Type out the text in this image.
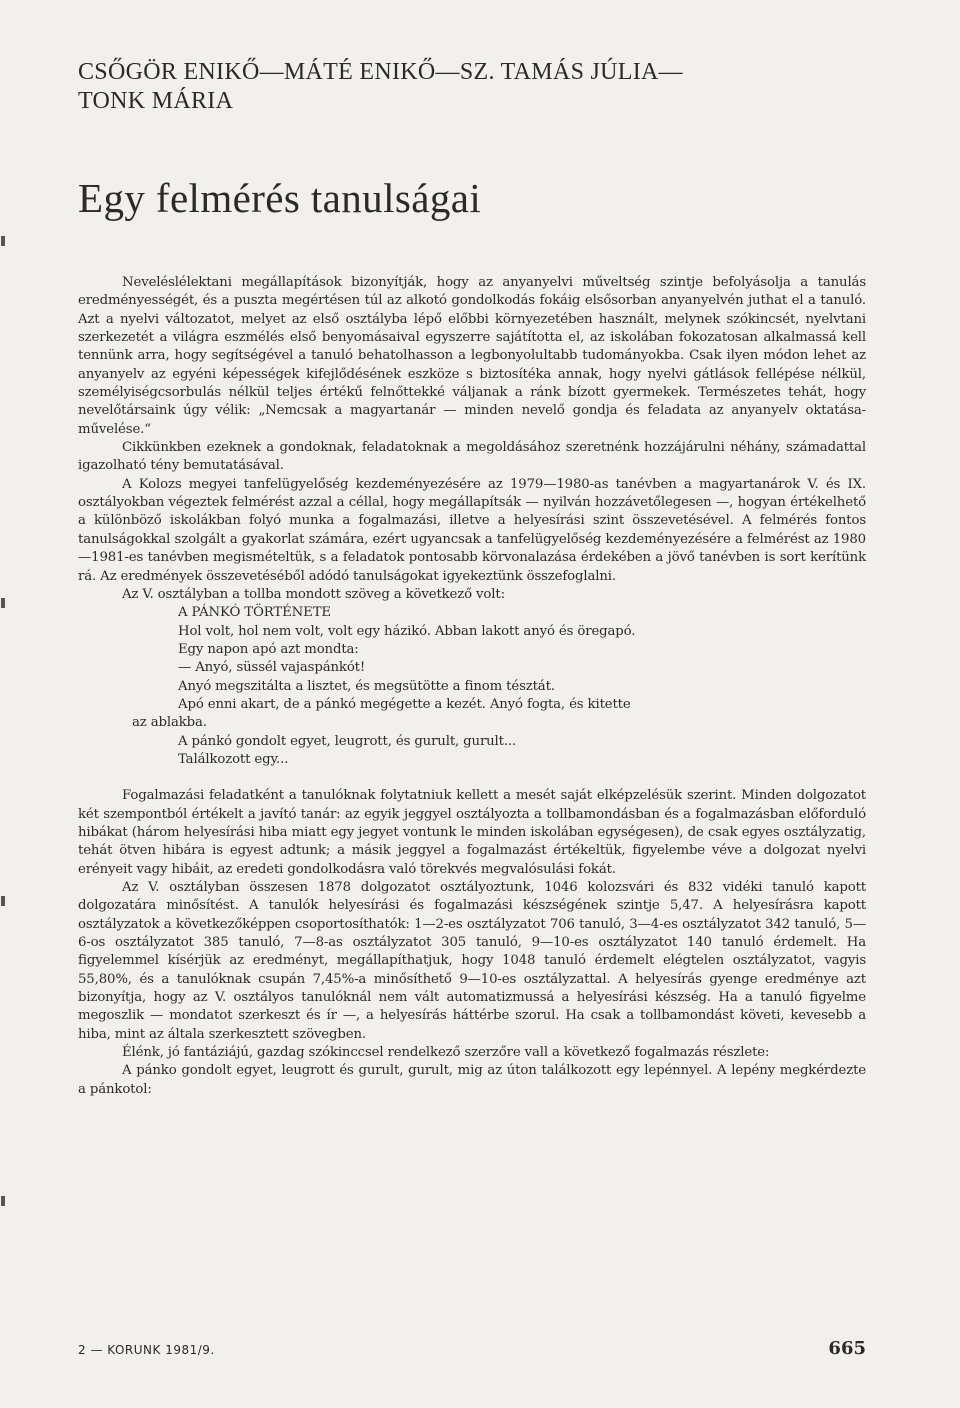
CSŐGÖR ENIKŐ—MÁTÉ ENIKŐ—SZ. TAMÁS JÚLIA—
TONK MÁRIA
Egy felmérés tanulságai

Neveléslélektani megállapítások bizonyítják, hogy az anyanyelvi műveltség szintje befolyásolja a tanulás eredményességét, és a puszta megértésen túl az alkotó gondolkodás fokáig elsősorban anyanyelvén juthat el a tanuló. Azt a nyelvi változatot, melyet az első osztályba lépő előbbi környezetében használt, melynek szókincsét, nyelvtani szerkezetét a világra eszmélés első benyomásaival egyszerre sajátította el, az iskolában fokozatosan alkalmassá kell tennünk arra, hogy segítségével a tanuló behatolhasson a legbonyolultabb tudományokba. Csak ilyen módon lehet az anyanyelv az egyéni képességek kifejlődésének eszköze s biztosítéka annak, hogy nyelvi gátlások fellépése nélkül, személyiségcsorbulás nélkül teljes értékű felnőttekké váljanak a ránk bízott gyermekek. Természetes tehát, hogy nevelőtársaink úgy vélik: „Nemcsak a magyartanár — minden nevelő gondja és feladata az anyanyelv oktatása-művelése.“

Cikkünkben ezeknek a gondoknak, feladatoknak a megoldásához szeretnénk hozzájárulni néhány, számadattal igazolható tény bemutatásával.

A Kolozs megyei tanfelügyelőség kezdeményezésére az 1979—1980-as tanévben a magyartanárok V. és IX. osztályokban végeztek felmérést azzal a céllal, hogy megállapítsák — nyilván hozzávetőlegesen —, hogyan értékelhető a különböző iskolákban folyó munka a fogalmazási, illetve a helyesírási szint összevetésével. A felmérés fontos tanulságokkal szolgált a gyakorlat számára, ezért ugyancsak a tanfelügyelőség kezdeményezésére a felmérést az 1980—1981-es tanévben megismételtük, s a feladatok pontosabb körvonalazása érdekében a jövő tanévben is sort kerítünk rá. Az eredmények összevetéséből adódó tanulságokat igyekeztünk összefoglalni.

Az V. osztályban a tollba mondott szöveg a következő volt:

A PÁNKÓ TÖRTÉNETE

Hol volt, hol nem volt, volt egy házikó. Abban lakott anyó és öregapó.

Egy napon apó azt mondta:

— Anyó, süssél vajaspánkót!

Anyó megszitálta a lisztet, és megsütötte a finom tésztát.

Apó enni akart, de a pánkó megégette a kezét. Anyó fogta, és kitette

az ablakba.

A pánkó gondolt egyet, leugrott, és gurult, gurult...

Találkozott egy...

Fogalmazási feladatként a tanulóknak folytatniuk kellett a mesét saját elképzelésük szerint. Minden dolgozatot két szempontból értékelt a javító tanár: az egyik jeggyel osztályozta a tollbamondásban és a fogalmazásban előforduló hibákat (három helyesírási hiba miatt egy jegyet vontunk le minden iskolában egységesen), de csak egyes osztályzatig, tehát ötven hibára is egyest adtunk; a másik jeggyel a fogalmazást értékeltük, figyelembe véve a dolgozat nyelvi erényeit vagy hibáit, az eredeti gondolkodásra való törekvés megvalósulási fokát.

Az V. osztályban összesen 1878 dolgozatot osztályoztunk, 1046 kolozsvári és 832 vidéki tanuló kapott dolgozatára minősítést. A tanulók helyesírási és fogalmazási készségének szintje 5,47. A helyesírásra kapott osztályzatok a következőképpen csoportosíthatók: 1—2-es osztályzatot 706 tanuló, 3—4-es osztályzatot 342 tanuló, 5—6-os osztályzatot 385 tanuló, 7—8-as osztályzatot 305 tanuló, 9—10-es osztályzatot 140 tanuló érdemelt. Ha figyelemmel kísérjük az eredményt, megállapíthatjuk, hogy 1048 tanuló érdemelt elégtelen osztályzatot, vagyis 55,80%, és a tanulóknak csupán 7,45%-a minősíthető 9—10-es osztályzattal. A helyesírás gyenge eredménye azt bizonyítja, hogy az V. osztályos tanulóknál nem vált automatizmussá a helyesírási készség. Ha a tanuló figyelme megoszlik — mondatot szerkeszt és ír —, a helyesírás háttérbe szorul. Ha csak a tollbamondást követi, kevesebb a hiba, mint az általa szerkesztett szövegben.

Élénk, jó fantáziájú, gazdag szókinccsel rendelkező szerzőre vall a következő fogalmazás részlete:

A pánko gondolt egyet, leugrott és gurult, gurult, mig az úton találkozott egy lepénnyel. A lepény megkérdezte a pánkotol:

2 — KORUNK 1981/9.	665
